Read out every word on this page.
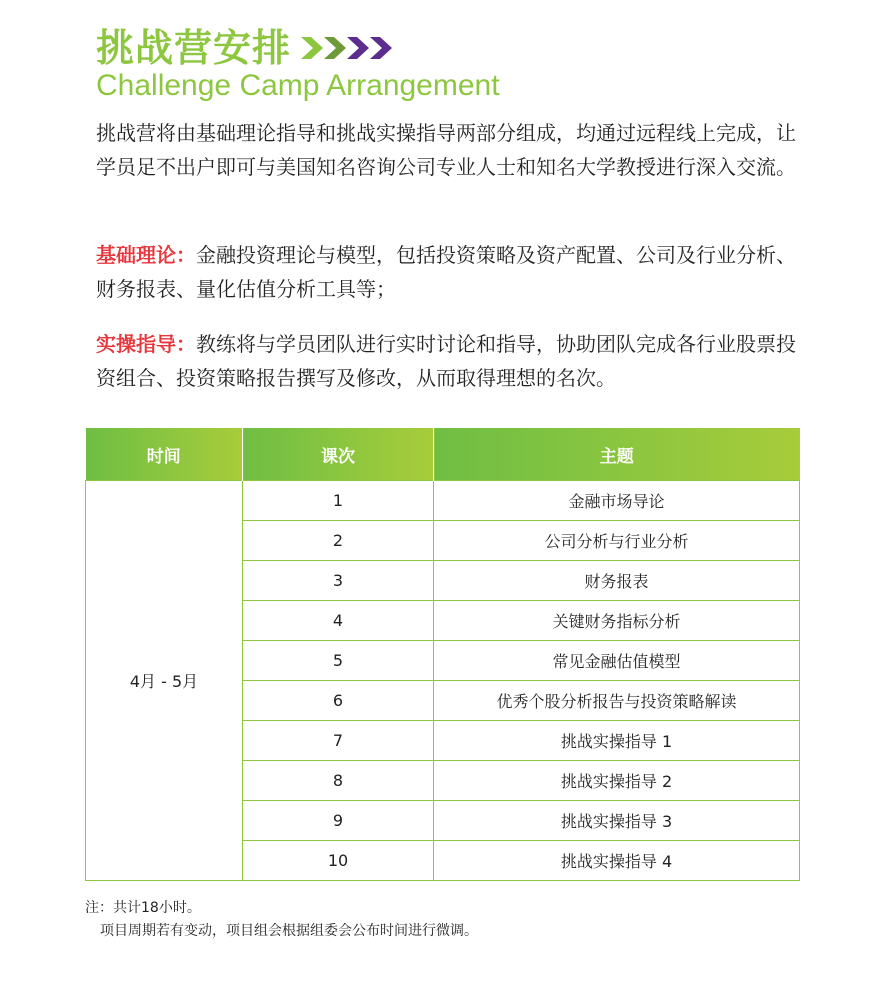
挑战营安排
Challenge Camp Arrangement
挑战营将由基础理论指导和挑战实操指导两部分组成，均通过远程线上完成，让学员足不出户即可与美国知名咨询公司专业人士和知名大学教授进行深入交流。
基础理论：金融投资理论与模型，包括投资策略及资产配置、公司及行业分析、财务报表、量化估值分析工具等；
实操指导：教练将与学员团队进行实时讨论和指导，协助团队完成各行业股票投资组合、投资策略报告撰写及修改，从而取得理想的名次。
时间	课次	主题
4月 - 5月	1	金融市场导论
	2	公司分析与行业分析
	3	财务报表
	4	关键财务指标分析
	5	常见金融估值模型
	6	优秀个股分析报告与投资策略解读
	7	挑战实操指导 1
	8	挑战实操指导 2
	9	挑战实操指导 3
	10	挑战实操指导 4
注：共计18小时。
项目周期若有变动，项目组会根据组委会公布时间进行微调。
